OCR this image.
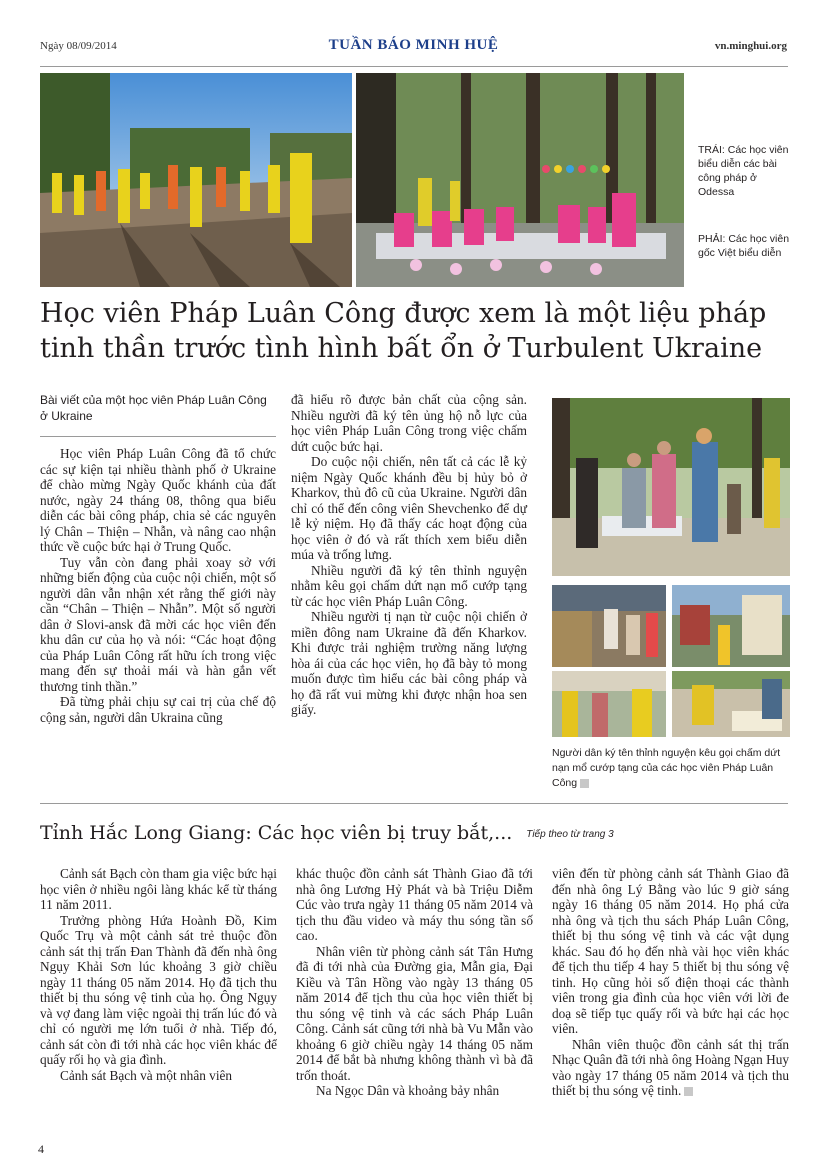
Ngày 08/09/2014	TUẦN BÁO MINH HUỆ	vn.minghui.org
TRÁI: Các học viên biểu diễn các bài công pháp ở Odessa
PHẢI: Các học viên gốc Việt biểu diễn
Học viên Pháp Luân Công được xem là một liệu pháp tinh thần trước tình hình bất ổn ở Turbulent Ukraine
Bài viết của một học viên Pháp Luân Công ở Ukraine

Học viên Pháp Luân Công đã tổ chức các sự kiện tại nhiều thành phố ở Ukraine để chào mừng Ngày Quốc khánh của đất nước, ngày 24 tháng 08, thông qua biểu diễn các bài công pháp, chia sẻ các nguyên lý Chân – Thiện – Nhẫn, và nâng cao nhận thức về cuộc bức hại ở Trung Quốc.

Tuy vẫn còn đang phải xoay sở với những biến động của cuộc nội chiến, một số người dân vẫn nhận xét rằng thế giới này cần “Chân – Thiện – Nhẫn”. Một số người dân ở Slovi-ansk đã mời các học viên đến khu dân cư của họ và nói: “Các hoạt động của Pháp Luân Công rất hữu ích trong việc mang đến sự thoải mái và hàn gắn vết thương tinh thần.”

Đã từng phải chịu sự cai trị của chế độ cộng sản, người dân Ukraina cũng

đã hiểu rõ được bản chất của cộng sản. Nhiều người đã ký tên ủng hộ nỗ lực của học viên Pháp Luân Công trong việc chấm dứt cuộc bức hại.

Do cuộc nội chiến, nên tất cả các lễ kỷ niệm Ngày Quốc khánh đều bị hủy bỏ ở Kharkov, thủ đô cũ của Ukraine. Người dân chỉ có thể đến công viên Shevchenko để dự lễ kỷ niệm. Họ đã thấy các hoạt động của học viên ở đó và rất thích xem biểu diễn múa và trống lưng.

Nhiều người đã ký tên thỉnh nguyện nhằm kêu gọi chấm dứt nạn mổ cướp tạng từ các học viên Pháp Luân Công.

Nhiều người tị nạn từ cuộc nội chiến ở miền đông nam Ukraine đã đến Kharkov. Khi được trải nghiệm trường năng lượng hòa ái của các học viên, họ đã bày tỏ mong muốn được tìm hiểu các bài công pháp và họ đã rất vui mừng khi được nhận hoa sen giấy.

Người dân ký tên thỉnh nguyện kêu gọi chấm dứt nạn mổ cướp tạng của các học viên Pháp Luân Công
Tỉnh Hắc Long Giang: Các học viên bị truy bắt,... Tiếp theo từ trang 3

Cảnh sát Bạch còn tham gia việc bức hại học viên ở nhiều ngôi làng khác kể từ tháng 11 năm 2011.

Trưởng phòng Hứa Hoành Đồ, Kim Quốc Trụ và một cảnh sát trẻ thuộc đồn cảnh sát thị trấn Đan Thành đã đến nhà ông Ngụy Khải Sơn lúc khoảng 3 giờ chiều ngày 11 tháng 05 năm 2014. Họ đã tịch thu thiết bị thu sóng vệ tinh của họ. Ông Ngụy và vợ đang làm việc ngoài thị trấn lúc đó và chỉ có người mẹ lớn tuổi ở nhà. Tiếp đó, cảnh sát còn đi tới nhà các học viên khác để quấy rối họ và gia đình.

Cảnh sát Bạch và một nhân viên

khác thuộc đồn cảnh sát Thành Giao đã tới nhà ông Lương Hỷ Phát và bà Triệu Diễm Cúc vào trưa ngày 11 tháng 05 năm 2014 và tịch thu đầu video và máy thu sóng tần số cao.

Nhân viên từ phòng cảnh sát Tân Hưng đã đi tới nhà của Đường gia, Mẫn gia, Đại Kiều và Tân Hồng vào ngày 13 tháng 05 năm 2014 để tịch thu của học viên thiết bị thu sóng vệ tinh và các sách Pháp Luân Công. Cảnh sát cũng tới nhà bà Vu Mẫn vào khoảng 6 giờ chiều ngày 14 tháng 05 năm 2014 để bắt bà nhưng không thành vì bà đã trốn thoát.

Na Ngọc Dân và khoảng bảy nhân

viên đến từ phòng cảnh sát Thành Giao đã đến nhà ông Lý Bằng vào lúc 9 giờ sáng ngày 16 tháng 05 năm 2014. Họ phá cửa nhà ông và tịch thu sách Pháp Luân Công, thiết bị thu sóng vệ tinh và các vật dụng khác. Sau đó họ đến nhà vài học viên khác để tịch thu tiếp 4 hay 5 thiết bị thu sóng vệ tinh. Họ cũng hỏi số điện thoại các thành viên trong gia đình của học viên với lời đe doạ sẽ tiếp tục quấy rối và bức hại các học viên.

Nhân viên thuộc đồn cảnh sát thị trấn Nhạc Quân đã tới nhà ông Hoàng Ngạn Huy vào ngày 17 tháng 05 năm 2014 và tịch thu thiết bị thu sóng vệ tinh.

4
